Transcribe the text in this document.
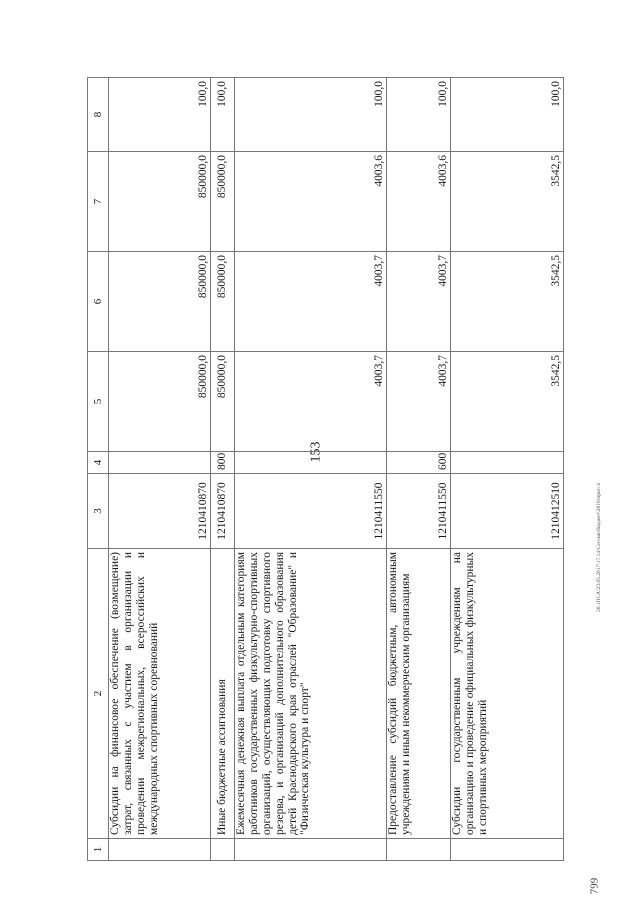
153
799
20.1ПСА\23.05.2017\17.14\Сессии\бюджет\2016\прил 4
1	2	3	4	5	6	7	8
	Субсидии на финансовое обеспечение (возмещение) затрат, связанных с участием в организации и проведении межрегиональных, всероссийских и международных спортивных соревнований	1210410870		850000,0	850000,0	850000,0	100,0
	Иные бюджетные ассигнования	1210410870	800	850000,0	850000,0	850000,0	100,0
	Ежемесячная денежная выплата отдельным категориям работников государственных физкультурно-спортивных организаций, осуществляющих подготовку спортивного резерва, и организаций дополнительного образования детей Краснодарского края отраслей "Образование" и "Физическая культура и спорт"	1210411550		4003,7	4003,7	4003,6	100,0
	Предоставление субсидий бюджетным, автономным учреждениям и иным некоммерческим организациям	1210411550	600	4003,7	4003,7	4003,6	100,0
	Субсидии государственным учреждениям на организацию и проведение официальных физкультурных и спортивных мероприятий	1210412510		3542,5	3542,5	3542,5	100,0
